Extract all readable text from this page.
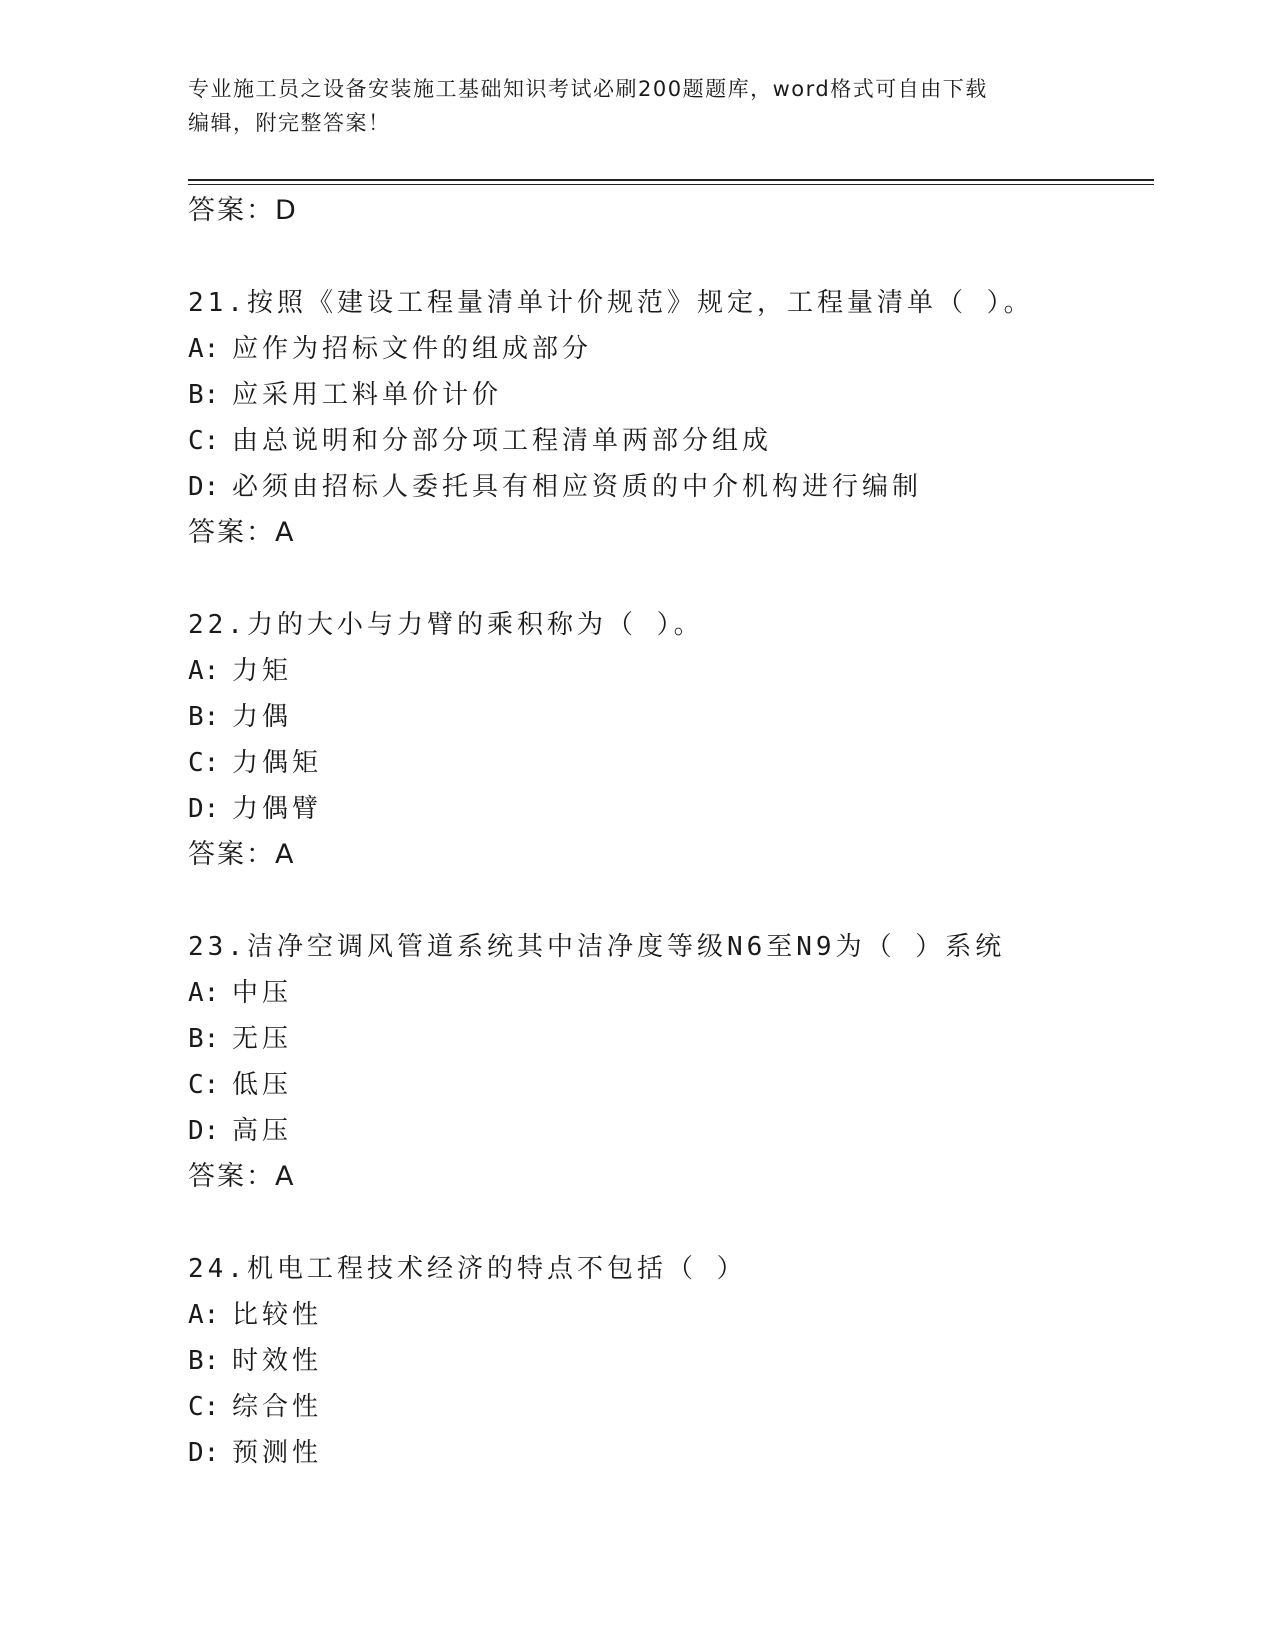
专业施工员之设备安装施工基础知识考试必刷200题题库，word格式可自由下载
编辑，附完整答案！
答案：D
21.按照《建设工程量清单计价规范》规定，工程量清单（ ）。
A: 应作为招标文件的组成部分
B: 应采用工料单价计价
C: 由总说明和分部分项工程清单两部分组成
D: 必须由招标人委托具有相应资质的中介机构进行编制
答案：A
22.力的大小与力臂的乘积称为（ ）。
A: 力矩
B: 力偶
C: 力偶矩
D: 力偶臂
答案：A
23.洁净空调风管道系统其中洁净度等级N6至N9为（ ）系统
A: 中压
B: 无压
C: 低压
D: 高压
答案：A
24.机电工程技术经济的特点不包括（ ）
A: 比较性
B: 时效性
C: 综合性
D: 预测性
